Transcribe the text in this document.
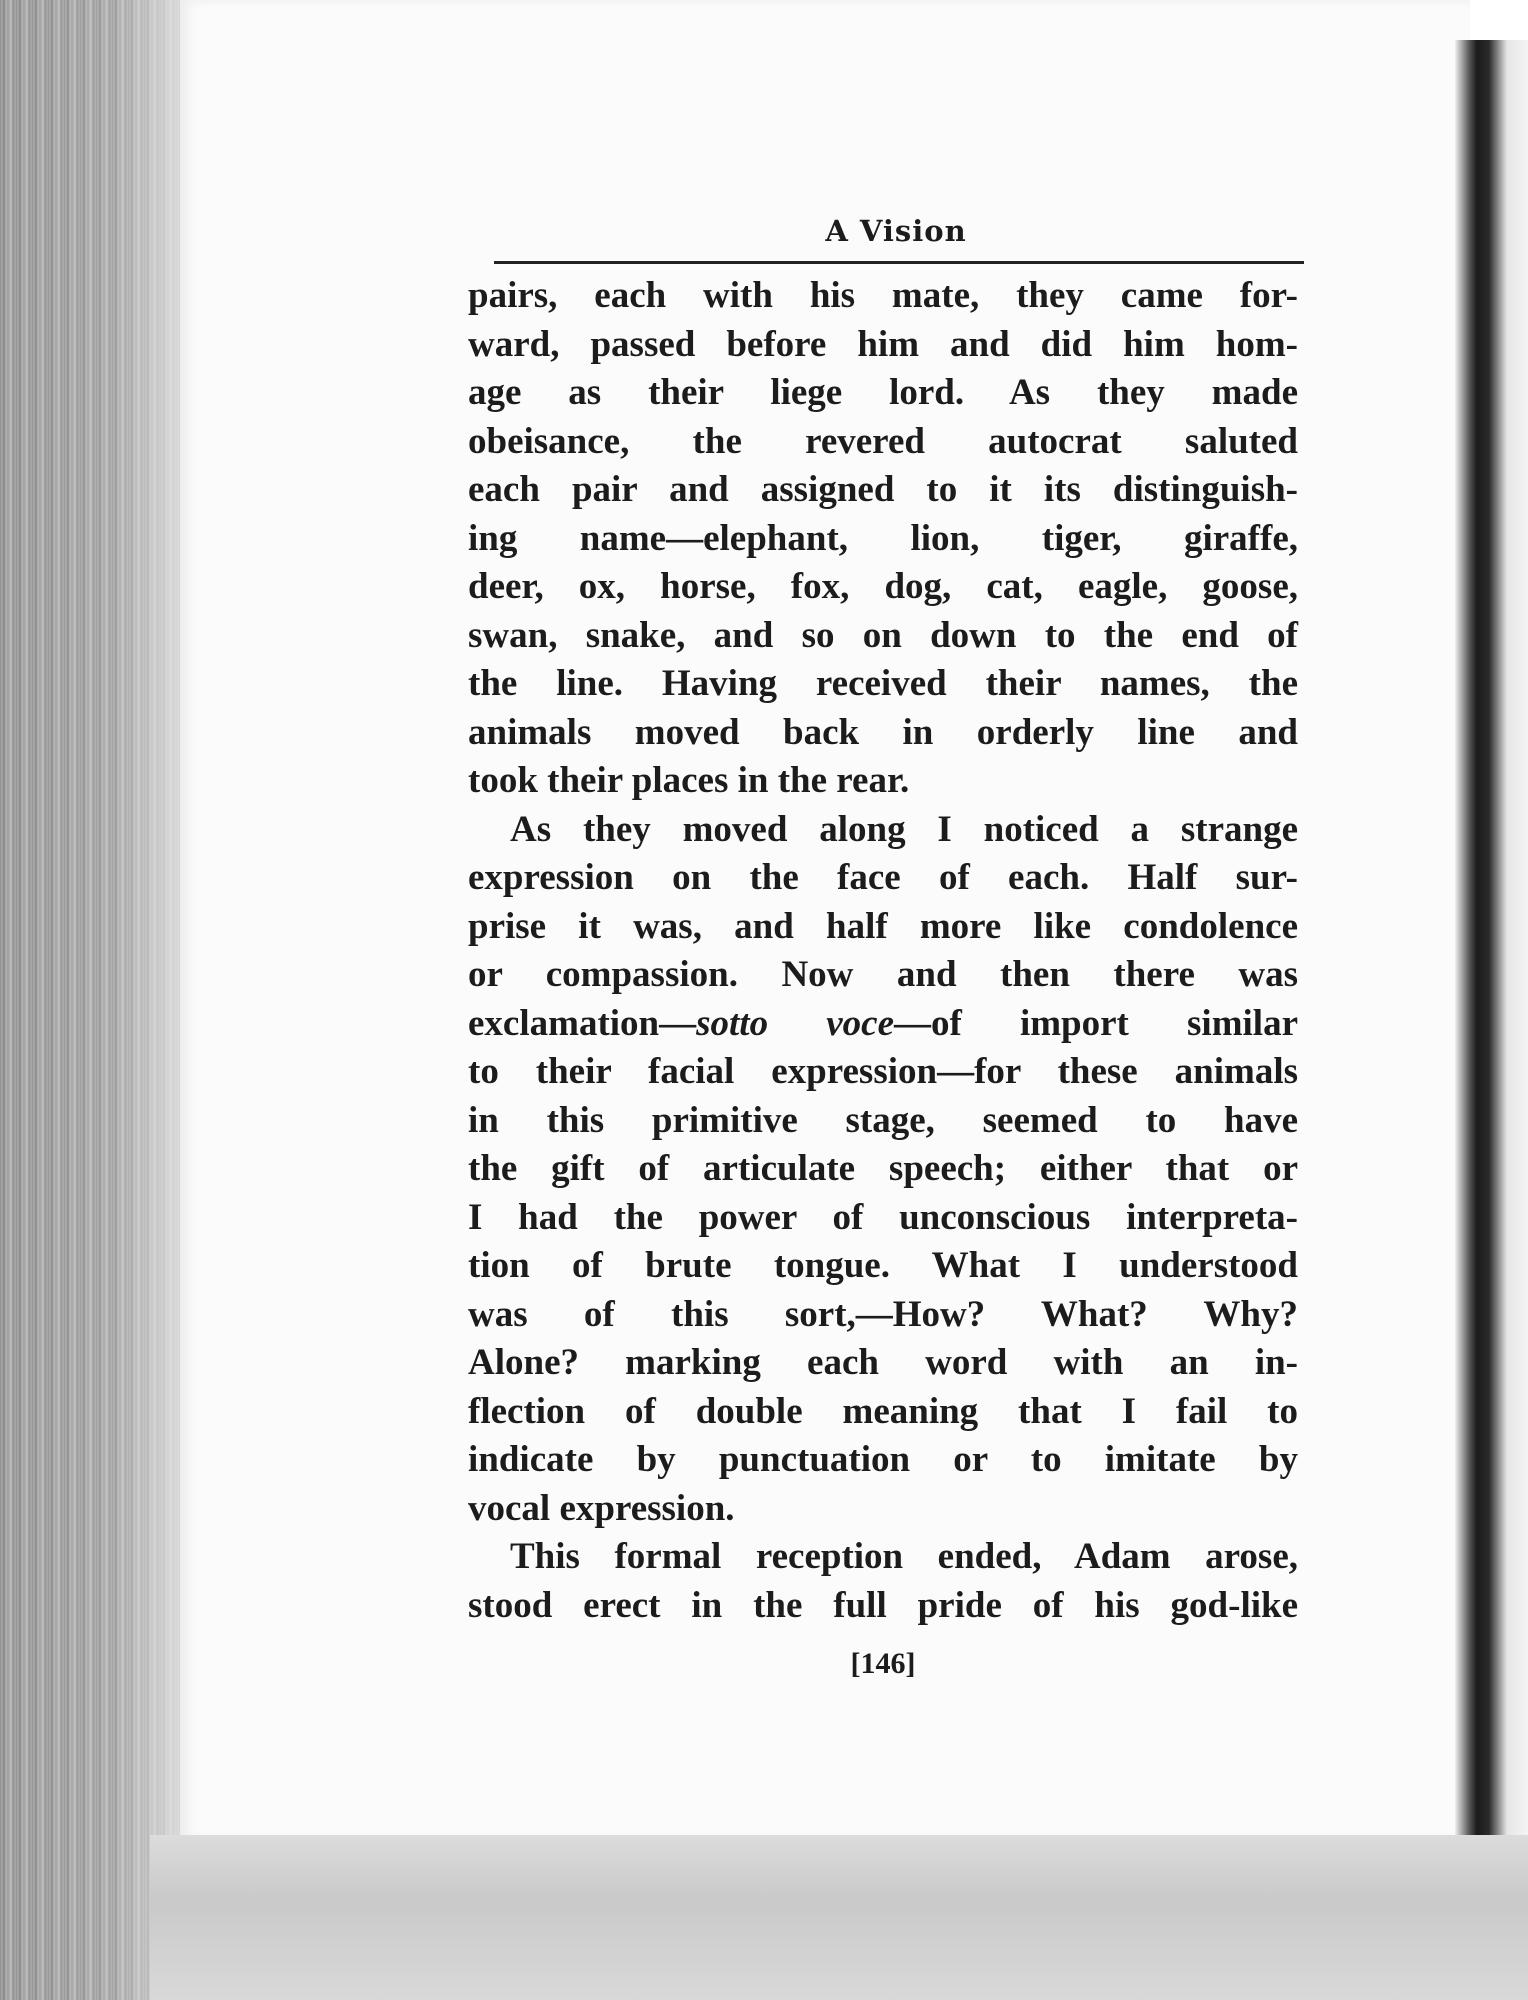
A Vision
pairs, each with his mate, they came for-
ward, passed before him and did him hom-
age as their liege lord. As they made
obeisance, the revered autocrat saluted
each pair and assigned to it its distinguish-
ing name—elephant, lion, tiger, giraffe,
deer, ox, horse, fox, dog, cat, eagle, goose,
swan, snake, and so on down to the end of
the line. Having received their names, the
animals moved back in orderly line and
took their places in the rear.
As they moved along I noticed a strange
expression on the face of each. Half sur-
prise it was, and half more like condolence
or compassion. Now and then there was
exclamation—sotto voce—of import similar
to their facial expression—for these animals
in this primitive stage, seemed to have
the gift of articulate speech; either that or
I had the power of unconscious interpreta-
tion of brute tongue. What I understood
was of this sort,—How? What? Why?
Alone? marking each word with an in-
flection of double meaning that I fail to
indicate by punctuation or to imitate by
vocal expression.
This formal reception ended, Adam arose,
stood erect in the full pride of his god-like
[146]
